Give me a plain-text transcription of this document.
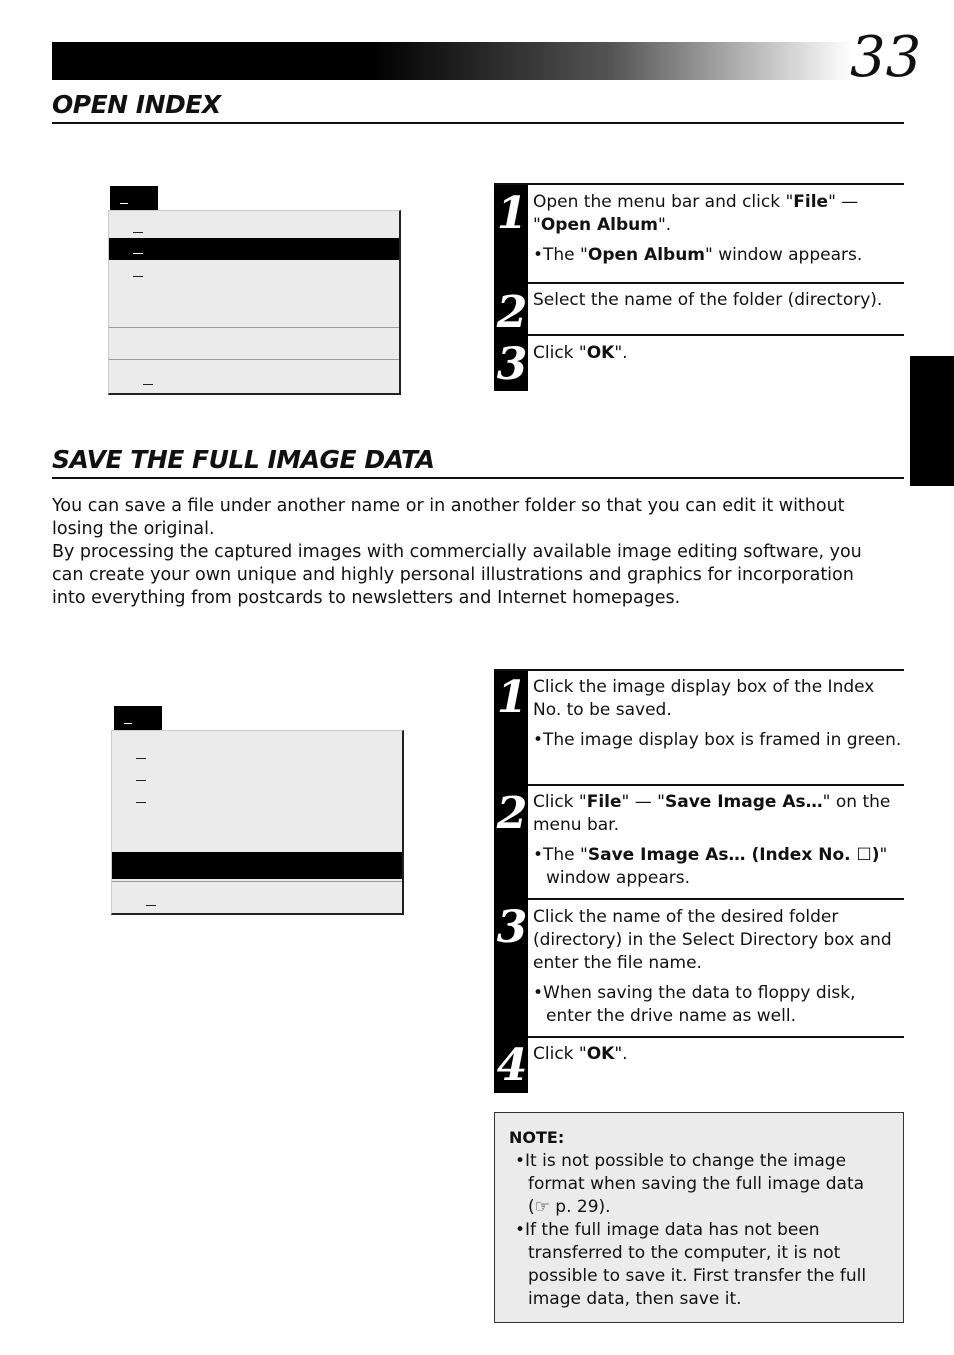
33
OPEN INDEX
1
2
3
Open the menu bar and click "File" — "Open Album".
•The "Open Album" window appears.
Select the name of the folder (directory).
Click "OK".
SAVE THE FULL IMAGE DATA
You can save a file under another name or in another folder so that you can edit it without losing the original.
By processing the captured images with commercially available image editing software, you can create your own unique and highly personal illustrations and graphics for incorporation into everything from postcards to newsletters and Internet homepages.
1
2
3
4
Click the image display box of the Index No. to be saved.
•The image display box is framed in green.
Click "File" — "Save Image As…" on the menu bar.
•The "Save Image As… (Index No. ☐)" window appears.
Click the name of the desired folder (directory) in the Select Directory box and enter the file name.
•When saving the data to floppy disk, enter the drive name as well.
Click "OK".
NOTE:
•It is not possible to change the image format when saving the full image data (☞ p. 29).
•If the full image data has not been transferred to the computer, it is not possible to save it. First transfer the full image data, then save it.
